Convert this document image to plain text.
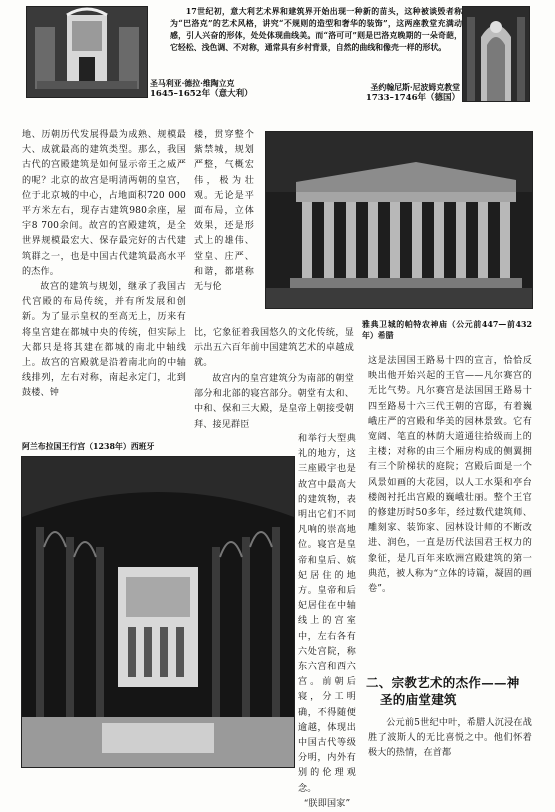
17世纪初，意大利艺术界和建筑界开始出现一种新的苗头，这种被谈毁者称为“巴洛克”的艺术风格，讲究“不规则的造型和奢华的装饰”，这两座教堂充满动感，引人兴奋的形体，处处体现曲线美。而“洛可可”则是巴洛克晚期的一朵奇葩，它轻松、浅色调、不对称，通常具有乡村背景，自然的曲线和像壳一样的形状。

圣马利亚·德拉·维陶立克

1645–1652年（意大利）

圣约翰尼斯·尼波姆克教堂

1733–1746年（德国）

地、历朝历代发展得最为成熟、规模最大、成就最高的建筑类型。那么，我国古代的宫殿建筑是如何显示帝王之威严的呢？北京的故宫是明清两朝的皇宫，位于北京城的中心，占地面积720 000平方米左右，现存古建筑980余座，屋宇8 700余间。故宫的宫殿建筑，是全世界规模最宏大、保存最完好的古代建筑群之一，也是中国古代建筑最高水平的杰作。

故宫的建筑与规划，继承了我国古代宫殿的布局传统，并有所发展和创新。为了显示皇权的至高无上，历来有将皇宫建在都城中央的传统，但实际上大都只是将其建在都城的南北中轴线上。故宫的宫殿就是沿着南北向的中轴线排列，左右对称，南起永定门，北到鼓楼、钟

楼，贯穿整个紫禁城，规划严整，气概宏伟，极为壮观。无论是平面布局，立体效果，还是形式上的雄伟、堂皇、庄严、和谐，都堪称无与伦
雅典卫城的帕特农神庙（公元前447—前432年）希腊
比，它象征着我国悠久的文化传统，显示出五六百年前中国建筑艺术的卓越成就。

故宫内的皇宫建筑分为南部的朝堂部分和北部的寝宫部分。朝堂有太和、中和、保和三大殿，是皇帝上朝接受朝拜、接见群臣

和举行大型典礼的地方，这三座殿宇也是故宫中最高大的建筑物，表明出它们不同凡响的崇高地位。寝宫是皇帝和皇后、嫔妃居住的地方。皇帝和后妃居住在中轴线上的宫室中，左右各有六处宫院，称东六宫和西六宫。前朝后寝，分工明确，不得随便逾越，体现出中国古代等级分明，内外有别的伦理观念。

“朕即国家”

阿兰布拉国王行宫（1238年）西班牙
这是法国国王路易十四的宣言，恰恰反映出他开始兴起的王官——凡尔赛宫的无比气势。凡尔赛宫是法国国王路易十四至路易十六三代王朝的宫邸，有着巍峨庄严的宫殿和华美的园林景致。它有宽阔、笔直的林荫大道通往拾级而上的主楼；对称的由三个厢房构成的侧翼拥有三个阶梯状的庭院；宫殿后面是一个风景如画的大花园，以人工水渠和亭台楼阁衬托出宫殿的巍峨壮丽。整个王官的修建历时50多年，经过数代建筑师、雕刻家、装饰家、园林设计师的不断改进、润色，一直是历代法国君王权力的象征，是几百年来欧洲宫殿建筑的第一典范，被人称为“立体的诗篇，凝固的画卷”。

二、宗教艺术的杰作——神

圣的庙堂建筑

公元前5世纪中叶，希腊人沉浸在战胜了波斯人的无比喜悦之中。他们怀着极大的热情，在首都
